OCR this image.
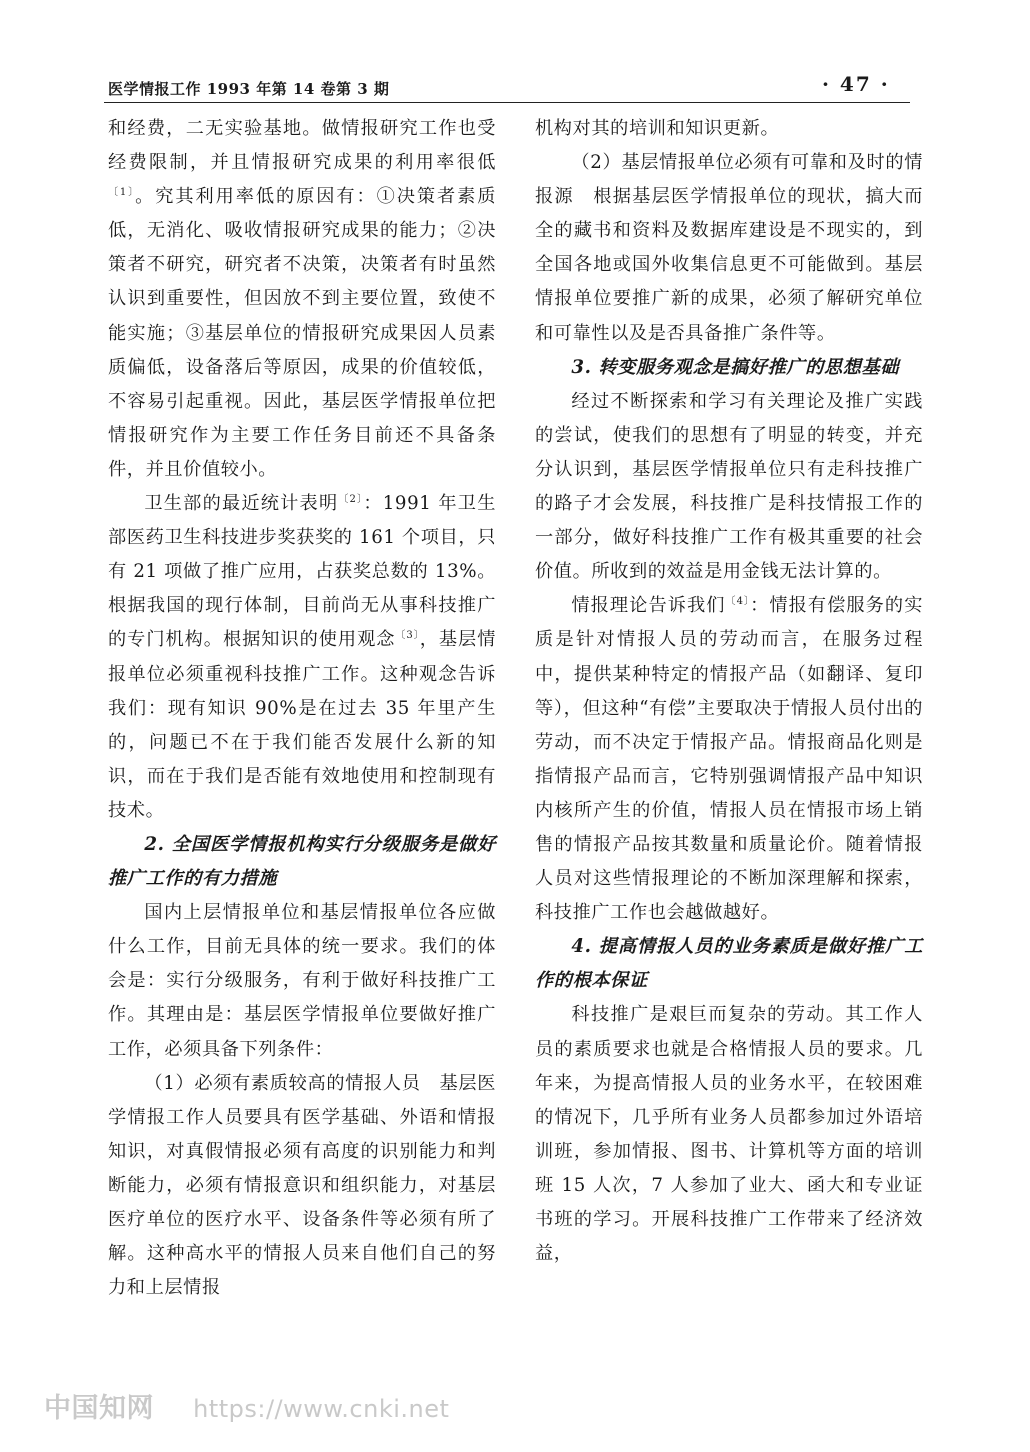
医学情报工作 1993 年第 14 卷第 3 期	· 47 ·

和经费，二无实验基地。做情报研究工作也受经费限制，并且情报研究成果的利用率很低$^{〔1〕}$。究其利用率低的原因有：①决策者素质低，无消化、吸收情报研究成果的能力；②决策者不研究，研究者不决策，决策者有时虽然认识到重要性，但因放不到主要位置，致使不能实施；③基层单位的情报研究成果因人员素质偏低，设备落后等原因，成果的价值较低，不容易引起重视。因此，基层医学情报单位把情报研究作为主要工作任务目前还不具备条件，并且价值较小。

卫生部的最近统计表明$^{〔2〕}$：1991 年卫生部医药卫生科技进步奖获奖的 161 个项目，只有 21 项做了推广应用，占获奖总数的 13%。根据我国的现行体制，目前尚无从事科技推广的专门机构。根据知识的使用观念$^{〔3〕}$，基层情报单位必须重视科技推广工作。这种观念告诉我们：现有知识 90%是在过去 35 年里产生的，问题已不在于我们能否发展什么新的知识，而在于我们是否能有效地使用和控制现有技术。

2. 全国医学情报机构实行分级服务是做好推广工作的有力措施

国内上层情报单位和基层情报单位各应做什么工作，目前无具体的统一要求。我们的体会是：实行分级服务，有利于做好科技推广工作。其理由是：基层医学情报单位要做好推广工作，必须具备下列条件：

（1）必须有素质较高的情报人员　基层医学情报工作人员要具有医学基础、外语和情报知识，对真假情报必须有高度的识别能力和判断能力，必须有情报意识和组织能力，对基层医疗单位的医疗水平、设备条件等必须有所了解。这种高水平的情报人员来自他们自己的努力和上层情报

机构对其的培训和知识更新。

（2）基层情报单位必须有可靠和及时的情报源　根据基层医学情报单位的现状，搞大而全的藏书和资料及数据库建设是不现实的，到全国各地或国外收集信息更不可能做到。基层情报单位要推广新的成果，必须了解研究单位和可靠性以及是否具备推广条件等。

3. 转变服务观念是搞好推广的思想基础

经过不断探索和学习有关理论及推广实践的尝试，使我们的思想有了明显的转变，并充分认识到，基层医学情报单位只有走科技推广的路子才会发展，科技推广是科技情报工作的一部分，做好科技推广工作有极其重要的社会价值。所收到的效益是用金钱无法计算的。

情报理论告诉我们$^{〔4〕}$：情报有偿服务的实质是针对情报人员的劳动而言，在服务过程中，提供某种特定的情报产品（如翻译、复印等），但这种“有偿”主要取决于情报人员付出的劳动，而不决定于情报产品。情报商品化则是指情报产品而言，它特别强调情报产品中知识内核所产生的价值，情报人员在情报市场上销售的情报产品按其数量和质量论价。随着情报人员对这些情报理论的不断加深理解和探索，科技推广工作也会越做越好。

4. 提高情报人员的业务素质是做好推广工作的根本保证

科技推广是艰巨而复杂的劳动。其工作人员的素质要求也就是合格情报人员的要求。几年来，为提高情报人员的业务水平，在较困难的情况下，几乎所有业务人员都参加过外语培训班，参加情报、图书、计算机等方面的培训班 15 人次，7 人参加了业大、函大和专业证书班的学习。开展科技推广工作带来了经济效益，

中国知网 https://www.cnki.net
